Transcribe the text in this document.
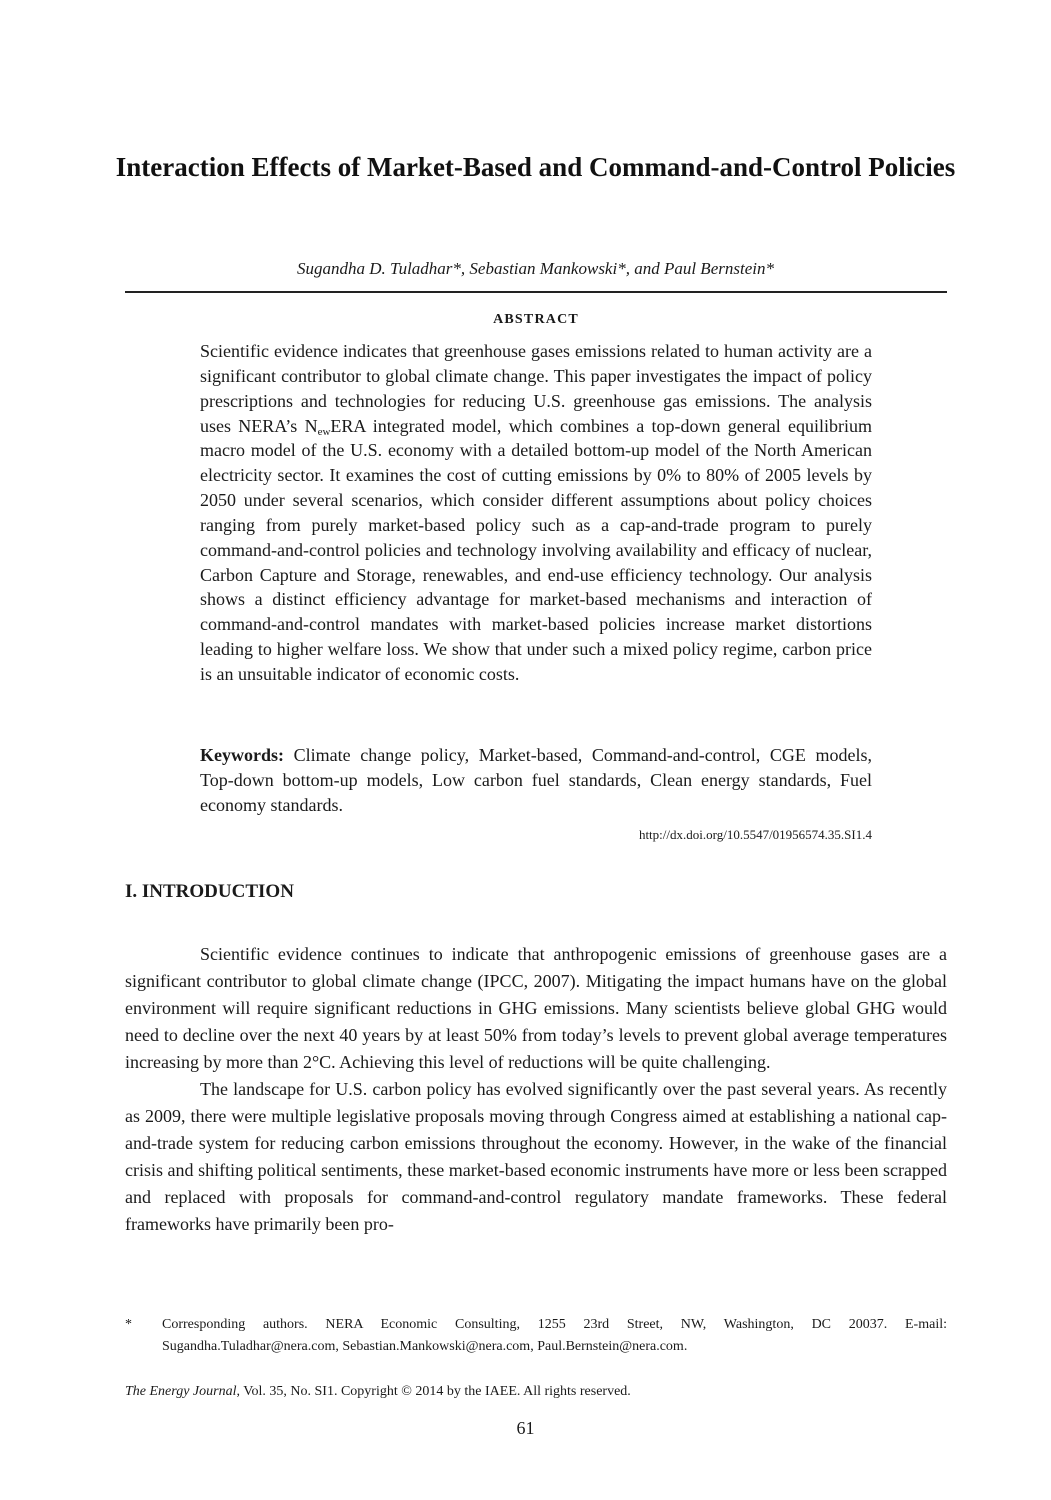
Interaction Effects of Market-Based and Command-and-Control Policies
Sugandha D. Tuladhar*, Sebastian Mankowski*, and Paul Bernstein*
ABSTRACT

Scientific evidence indicates that greenhouse gases emissions related to human activity are a significant contributor to global climate change. This paper investigates the impact of policy prescriptions and technologies for reducing U.S. greenhouse gas emissions. The analysis uses NERA’s $N_{ew}ERA$ integrated model, which combines a top-down general equilibrium macro model of the U.S. economy with a detailed bottom-up model of the North American electricity sector. It examines the cost of cutting emissions by 0% to 80% of 2005 levels by 2050 under several scenarios, which consider different assumptions about policy choices ranging from purely market-based policy such as a cap-and-trade program to purely command-and-control policies and technology involving availability and efficacy of nuclear, Carbon Capture and Storage, renewables, and end-use efficiency technology. Our analysis shows a distinct efficiency advantage for market-based mechanisms and interaction of command-and-control mandates with market-based policies increase market distortions leading to higher welfare loss. We show that under such a mixed policy regime, carbon price is an unsuitable indicator of economic costs.

Keywords: Climate change policy, Market-based, Command-and-control, CGE models, Top-down bottom-up models, Low carbon fuel standards, Clean energy standards, Fuel economy standards.

http://dx.doi.org/10.5547/01956574.35.SI1.4
I. INTRODUCTION

Scientific evidence continues to indicate that anthropogenic emissions of greenhouse gases are a significant contributor to global climate change (IPCC, 2007). Mitigating the impact humans have on the global environment will require significant reductions in GHG emissions. Many scientists believe global GHG would need to decline over the next 40 years by at least 50% from today’s levels to prevent global average temperatures increasing by more than 2°C. Achieving this level of reductions will be quite challenging.

The landscape for U.S. carbon policy has evolved significantly over the past several years. As recently as 2009, there were multiple legislative proposals moving through Congress aimed at establishing a national cap-and-trade system for reducing carbon emissions throughout the economy. However, in the wake of the financial crisis and shifting political sentiments, these market-based economic instruments have more or less been scrapped and replaced with proposals for command-and-control regulatory mandate frameworks. These federal frameworks have primarily been pro-

* Corresponding authors. NERA Economic Consulting, 1255 23rd Street, NW, Washington, DC 20037. E-mail: Sugandha.Tuladhar@nera.com, Sebastian.Mankowski@nera.com, Paul.Bernstein@nera.com.
The Energy Journal, Vol. 35, No. SI1. Copyright © 2014 by the IAEE. All rights reserved.
61
